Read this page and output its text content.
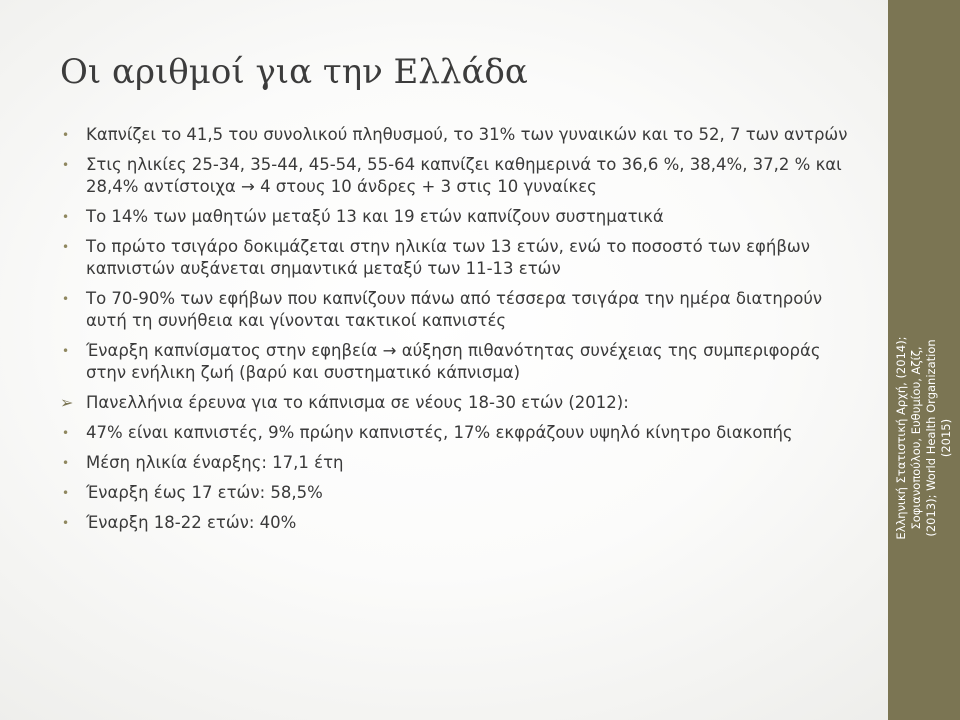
Οι αριθμοί για την Ελλάδα
•	Καπνίζει το 41,5 του συνολικού πληθυσμού, το 31% των γυναικών και το 52, 7 των αντρών
•	Στις ηλικίες 25-34, 35-44, 45-54, 55-64 καπνίζει καθημερινά το 36,6 %, 38,4%, 37,2 % και 28,4% αντίστοιχα → 4 στους 10 άνδρες + 3 στις 10 γυναίκες
•	Το 14% των μαθητών μεταξύ 13 και 19 ετών καπνίζουν συστηματικά
•	Το πρώτο τσιγάρο δοκιμάζεται στην ηλικία των 13 ετών, ενώ το ποσοστό των εφήβων καπνιστών αυξάνεται σημαντικά μεταξύ των 11-13 ετών
•	Το 70-90% των εφήβων που καπνίζουν πάνω από τέσσερα τσιγάρα την ημέρα διατηρούν αυτή τη συνήθεια και γίνονται τακτικοί καπνιστές
•	Έναρξη καπνίσματος στην εφηβεία → αύξηση πιθανότητας συνέχειας της συμπεριφοράς στην ενήλικη ζωή (βαρύ και συστηματικό κάπνισμα)
➢ Πανελλήνια έρευνα για το κάπνισμα σε νέους 18-30 ετών (2012):
•	47% είναι καπνιστές, 9% πρώην καπνιστές, 17% εκφράζουν υψηλό κίνητρο διακοπής
•	Μέση ηλικία έναρξης: 17,1 έτη
•	Έναρξη έως 17 ετών: 58,5%
•	Έναρξη 18-22 ετών: 40%	Ελληνική Στατιστική Αρχή, (2014); Σοφιανοπούλου, Ευθυμίου, Αζίζ, (2013); World Health Organization (2015)
